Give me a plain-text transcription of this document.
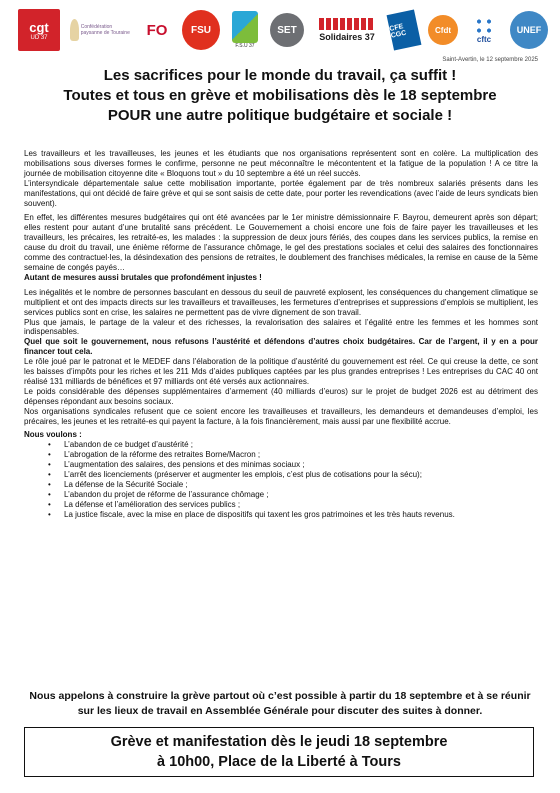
cgt
UD 37
Confédération paysanne de Touraine FO FSU
F.S.U 37
SET
Solidaires 37
CFE CGC	Cfdt
cftc
UNEF
Saint-Avertin, le 12 septembre 2025
Les sacrifices pour le monde du travail, ça suffit !
Toutes et tous en grève et mobilisations dès le 18 septembre
POUR une autre politique budgétaire et sociale !

Les travailleurs et les travailleuses, les jeunes et les étudiants que nos organisations représentent sont en colère. La multiplication des mobilisations sous diverses formes le confirme, personne ne peut méconnaître le mécontentent et la fatigue de la population ! A ce titre la journée de mobilisation citoyenne dite « Bloquons tout » du 10 septembre a été un réel succès.

L’intersyndicale départementale salue cette mobilisation importante, portée également par de très nombreux salariés présents dans les manifestations, qui ont décidé de faire grève et qui se sont saisis de cette date, pour porter les revendications (avec l’aide de leurs syndicats bien souvent).

En effet, les différentes mesures budgétaires qui ont été avancées par le 1er ministre démissionnaire F. Bayrou, demeurent après son départ; elles restent pour autant d’une brutalité sans précédent. Le Gouvernement a choisi encore une fois de faire payer les travailleuses et les travailleurs, les précaires, les retraité-es, les malades : la suppression de deux jours fériés, des coupes dans les services publics, la remise en cause du droit du travail, une énième réforme de l’assurance chômage, le gel des prestations sociales et celui des salaires des fonctionnaires comme des contractuel·les, la désindexation des pensions de retraites, le doublement des franchises médicales, la remise en cause de la 5ème semaine de congés payés…

Autant de mesures aussi brutales que profondément injustes !

Les inégalités et le nombre de personnes basculant en dessous du seuil de pauvreté explosent, les conséquences du changement climatique se multiplient et ont des impacts directs sur les travailleurs et travailleuses, les fermetures d’entreprises et suppressions d’emplois se multiplient, les services publics sont en crise, les salaires ne permettent pas de vivre dignement de son travail.

Plus que jamais, le partage de la valeur et des richesses, la revalorisation des salaires et l’égalité entre les femmes et les hommes sont indispensables.

Quel que soit le gouvernement, nous refusons l’austérité et défendons d’autres choix budgétaires. Car de l’argent, il y en a pour financer tout cela.

Le rôle joué par le patronat et le MEDEF dans l’élaboration de la politique d’austérité du gouvernement est réel. Ce qui creuse la dette, ce sont les baisses d’impôts pour les riches et les 211 Mds d’aides publiques captées par les plus grandes entreprises ! Les entreprises du CAC 40 ont réalisé 131 milliards de bénéfices et 97 milliards ont été versés aux actionnaires.

Le poids considérable des dépenses supplémentaires d’armement (40 milliards d’euros) sur le projet de budget 2026 est au détriment des dépenses répondant aux besoins sociaux.

Nos organisations syndicales refusent que ce soient encore les travailleuses et travailleurs, les demandeurs et demandeuses d’emploi, les précaires, les jeunes et les retraité-es qui payent la facture, à la fois financièrement, mais aussi par une flexibilité accrue.

Nous voulons :
• L’abandon de ce budget d’austérité ;
• L’abrogation de la réforme des retraites Borne/Macron ;
• L’augmentation des salaires, des pensions et des minimas sociaux ;
• L’arrêt des licenciements (préserver et augmenter les emplois, c’est plus de cotisations pour la sécu);
• La défense de la Sécurité Sociale ;
• L’abandon du projet de réforme de l’assurance chômage ;
• La défense et l’amélioration des services publics ;
• La justice fiscale, avec la mise en place de dispositifs qui taxent les gros patrimoines et les très hauts revenus.
Nous appelons à construire la grève partout où c’est possible à partir du 18 septembre et à se réunir sur les lieux de travail en Assemblée Générale pour discuter des suites à donner.
Grève et manifestation dès le jeudi 18 septembre
à 10h00, Place de la Liberté à Tours
